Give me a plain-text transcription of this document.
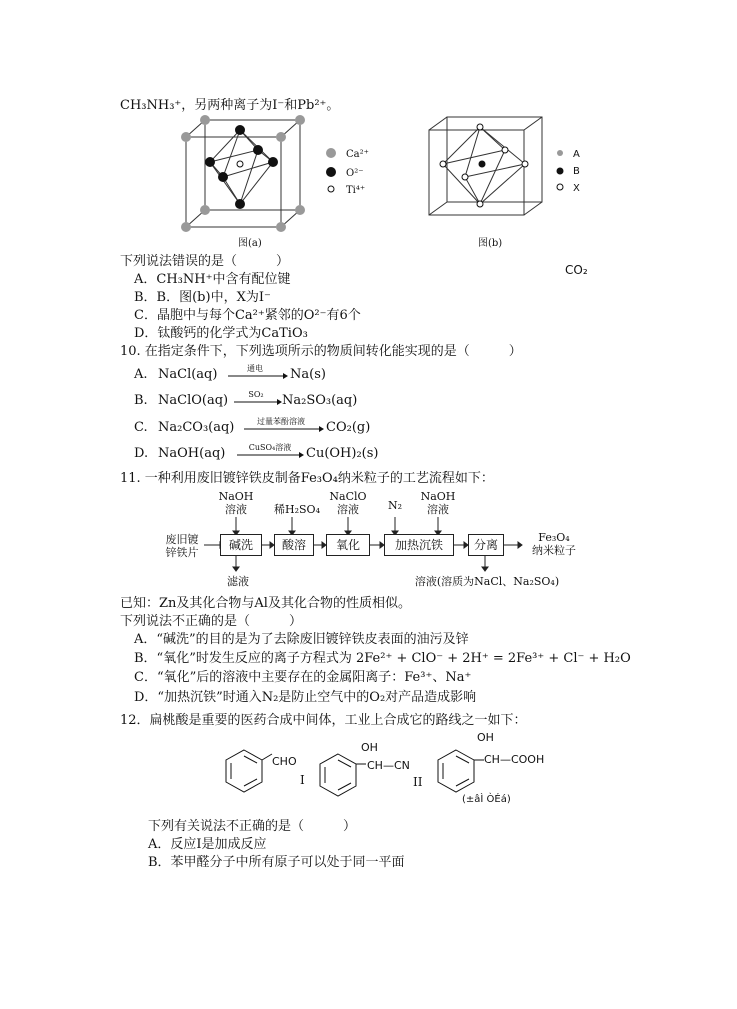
CH₃NH₃⁺，另两种离子为I⁻和Pb²⁺。
Ca²⁺
O²⁻
Ti⁴⁺
图(a)
A
B
X
图(b)
下列说法错误的是（　　　）
CO₂
A．CH₃NH⁺中含有配位键
B．B．图(b)中，X为I⁻
C．晶胞中与每个Ca²⁺紧邻的O²⁻有6个
D．钛酸钙的化学式为CaTiO₃
10. 在指定条件下，下列选项所示的物质间转化能实现的是（　　　）
A. NaCl(aq)	通电	Na(s)
B. NaClO(aq)	SO₂	Na₂SO₃(aq)
C. Na₂CO₃(aq)	过量苯酚溶液	CO₂(g)
D. NaOH(aq)	CuSO₄溶液	Cu(OH)₂(s)
11. 一种利用废旧镀锌铁皮制备Fe₃O₄纳米粒子的工艺流程如下：
废旧镀
锌铁片
NaOH
溶液	稀H₂SO₄
NaClO
溶液	N₂
NaOH
溶液
碱洗	酸溶	氧化	加热沉铁	分离
Fe₃O₄
纳米粒子
滤液	溶液(溶质为NaCl、Na₂SO₄)
已知：Zn及其化合物与Al及其化合物的性质相似。
下列说法不正确的是（　　　）
A．“碱洗”的目的是为了去除废旧镀锌铁皮表面的油污及锌
B．“氧化”时发生反应的离子方程式为 2Fe²⁺ + ClO⁻ + 2H⁺ = 2Fe³⁺ + Cl⁻ + H₂O
C．“氧化”后的溶液中主要存在的金属阳离子：Fe³⁺、Na⁺
D．“加热沉铁”时通入N₂是防止空气中的O₂对产品造成影响
12．扁桃酸是重要的医药合成中间体，工业上合成它的路线之一如下：
CHO
I
OH
CH—CN
II
OH
CH—COOH
(±âÌ ÒÉá)
下列有关说法不正确的是（　　　）
A．反应I是加成反应
B．苯甲醛分子中所有原子可以处于同一平面
